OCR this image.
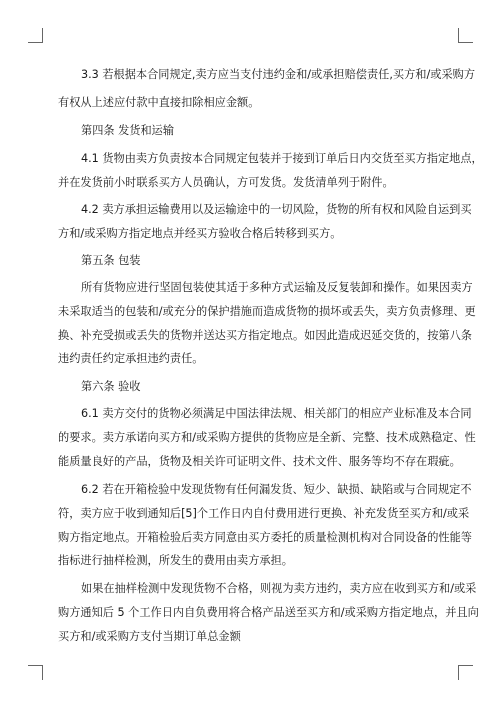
3.3 若根据本合同规定,卖方应当支付违约金和/或承担赔偿责任,买方和/或采购方
有权从上述应付款中直接扣除相应金额。
第四条 发货和运输
4.1 货物由卖方负责按本合同规定包装并于接到订单后日内交货至买方指定地点，
并在发货前小时联系买方人员确认，方可发货。发货清单列于附件。
4.2 卖方承担运输费用以及运输途中的一切风险，货物的所有权和风险自运到买
方和/或采购方指定地点并经买方验收合格后转移到买方。
第五条 包装
所有货物应进行坚固包装使其适于多种方式运输及反复装卸和操作。如果因卖方
未采取适当的包装和/或充分的保护措施而造成货物的损坏或丢失，卖方负责修理、更
换、补充受损或丢失的货物并送达买方指定地点。如因此造成迟延交货的，按第八条
违约责任约定承担违约责任。
第六条 验收
6.1 卖方交付的货物必须满足中国法律法规、相关部门的相应产业标准及本合同
的要求。卖方承诺向买方和/或采购方提供的货物应是全新、完整、技术成熟稳定、性
能质量良好的产品，货物及相关许可证明文件、技术文件、服务等均不存在瑕疵。
6.2 若在开箱检验中发现货物有任何漏发货、短少、缺损、缺陷或与合同规定不
符，卖方应于收到通知后[5]个工作日内自付费用进行更换、补充发货至买方和/或采
购方指定地点。开箱检验后卖方同意由买方委托的质量检测机构对合同设备的性能等
指标进行抽样检测，所发生的费用由卖方承担。
如果在抽样检测中发现货物不合格，则视为卖方违约，卖方应在收到买方和/或采
购方通知后 5 个工作日内自负费用将合格产品送至买方和/或采购方指定地点，并且向
买方和/或采购方支付当期订单总金额
